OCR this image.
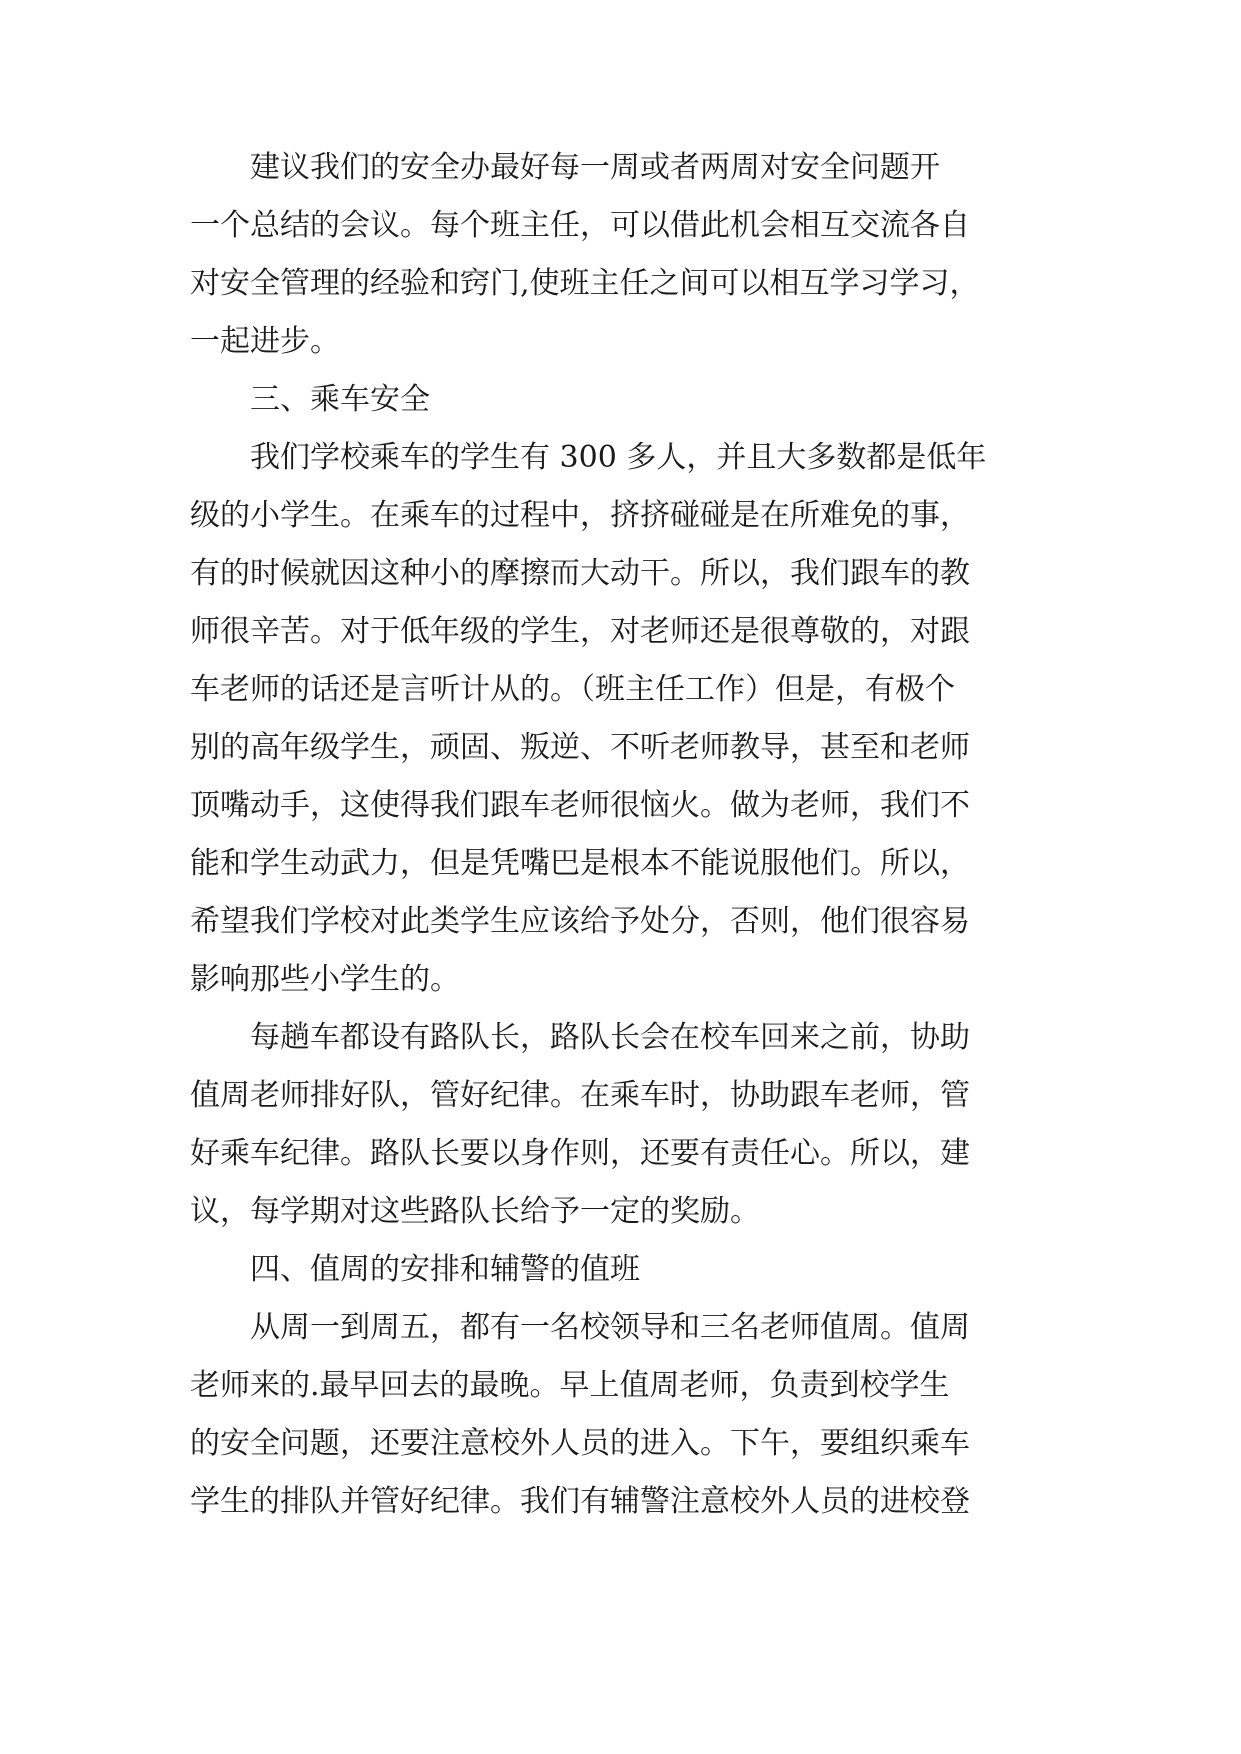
建议我们的安全办最好每一周或者两周对安全问题开
一个总结的会议。每个班主任，可以借此机会相互交流各自
对安全管理的经验和窍门,使班主任之间可以相互学习学习，
一起进步。
三、乘车安全
我们学校乘车的学生有 300 多人，并且大多数都是低年
级的小学生。在乘车的过程中，挤挤碰碰是在所难免的事，
有的时候就因这种小的摩擦而大动干。所以，我们跟车的教
师很辛苦。对于低年级的学生，对老师还是很尊敬的，对跟
车老师的话还是言听计从的。（班主任工作）但是，有极个
别的高年级学生，顽固、叛逆、不听老师教导，甚至和老师
顶嘴动手，这使得我们跟车老师很恼火。做为老师，我们不
能和学生动武力，但是凭嘴巴是根本不能说服他们。所以，
希望我们学校对此类学生应该给予处分，否则，他们很容易
影响那些小学生的。
每趟车都设有路队长，路队长会在校车回来之前，协助
值周老师排好队，管好纪律。在乘车时，协助跟车老师，管
好乘车纪律。路队长要以身作则，还要有责任心。所以，建
议，每学期对这些路队长给予一定的奖励。
四、值周的安排和辅警的值班
从周一到周五，都有一名校领导和三名老师值周。值周
老师来的.最早回去的最晚。早上值周老师，负责到校学生
的安全问题，还要注意校外人员的进入。下午，要组织乘车
学生的排队并管好纪律。我们有辅警注意校外人员的进校登
